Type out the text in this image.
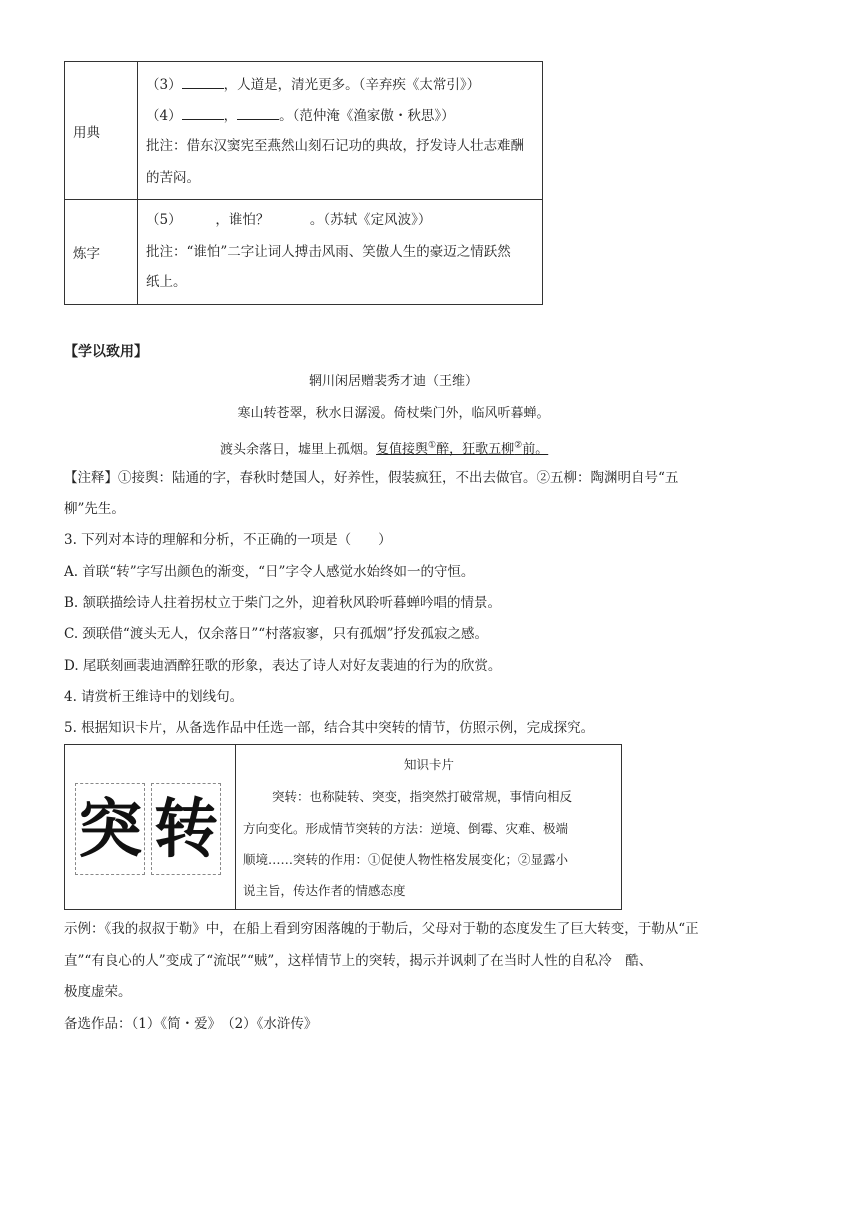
用典	（3） ，人道是，清光更多。（辛弃疾《太常引》）
（4） ， 。（范仲淹《渔家傲・秋思》）
批注：借东汉窦宪至燕然山刻石记功的典故，抒发诗人壮志难酬
的苦闷。

炼字	（5）　　　，谁怕？　　　。（苏轼《定风波》）
批注：“谁怕”二字让词人搏击风雨、笑傲人生的豪迈之情跃然
纸上。
【学以致用】
辋川闲居赠裴秀才迪（王维）
寒山转苍翠，秋水日潺湲。倚杖柴门外，临风听暮蝉。
渡头余落日，墟里上孤烟。复值接舆①醉，狂歌五柳②前。
【注释】①接舆：陆通的字，春秋时楚国人，好养性，假装疯狂，不出去做官。②五柳：陶渊明自号“五
柳”先生。
3. 下列对本诗的理解和分析，不正确的一项是（　　）
A. 首联“转”字写出颜色的渐变，“日”字令人感觉水始终如一的守恒。
B. 颔联描绘诗人拄着拐杖立于柴门之外，迎着秋风聆听暮蝉吟唱的情景。
C. 颈联借“渡头无人，仅余落日”“村落寂寥，只有孤烟”抒发孤寂之感。
D. 尾联刻画裴迪酒醉狂歌的形象，表达了诗人对好友裴迪的行为的欣赏。
4. 请赏析王维诗中的划线句。
5. 根据知识卡片，从备选作品中任选一部，结合其中突转的情节，仿照示例，完成探究。
突 转
知识卡片
突转：也称陡转、突变，指突然打破常规，事情向相反
方向变化。形成情节突转的方法：逆境、倒霉、灾难、极端
顺境……突转的作用：①促使人物性格发展变化；②显露小
说主旨，传达作者的情感态度
示例：《我的叔叔于勒》中，在船上看到穷困落魄的于勒后，父母对于勒的态度发生了巨大转变，于勒从“正
直”“有良心的人”变成了“流氓”“贼”，这样情节上的突转，揭示并讽刺了在当时人性的自私冷　酷、
极度虚荣。
备选作品：（1）《简・爱》　（2）《水浒传》
